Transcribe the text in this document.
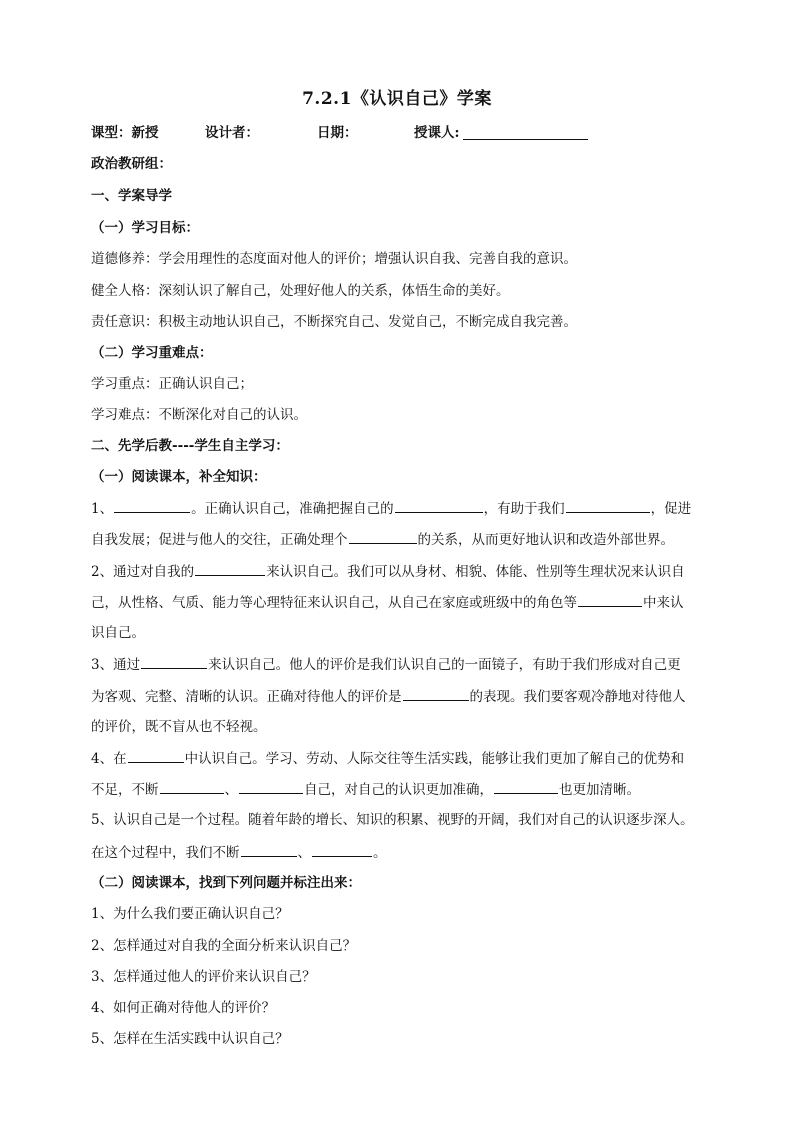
7.2.1《认识自己》学案
课型：新授	设计者：	日期：	授课人:
政治教研组：
一、学案导学
（一）学习目标：
道德修养：学会用理性的态度面对他人的评价；增强认识自我、完善自我的意识。
健全人格：深刻认识了解自己，处理好他人的关系，体悟生命的美好。
责任意识：积极主动地认识自己，不断探究自己、发觉自己，不断完成自我完善。
（二）学习重难点：
学习重点：正确认识自己；
学习难点：不断深化对自己的认识。
二、先学后教----学生自主学习：
（一）阅读课本，补全知识：
1、	。正确认识自己，准确把握自己的	，有助于我们	，促进
自我发展；促进与他人的交往，正确处理个	的关系，从而更好地认识和改造外部世界。
2、通过对自我的	来认识自己。我们可以从身材、相貌、体能、性别等生理状况来认识自
己，从性格、气质、能力等心理特征来认识自己，从自己在家庭或班级中的角色等	中来认
识自己。
3、通过	来认识自己。他人的评价是我们认识自己的一面镜子，有助于我们形成对自己更
为客观、完整、清晰的认识。正确对待他人的评价是	的表现。我们要客观冷静地对待他人
的评价，既不盲从也不轻视。
4、在	中认识自己。学习、劳动、人际交往等生活实践，能够让我们更加了解自己的优势和
不足，不断	、	自己，对自己的认识更加准确，	也更加清晰。
5、认识自己是一个过程。随着年龄的增长、知识的积累、视野的开阔，我们对自己的认识逐步深人。
在这个过程中，我们不断	、	。
（二）阅读课本，找到下列问题并标注出来：
1、为什么我们要正确认识自己？
2、怎样通过对自我的全面分析来认识自己？
3、怎样通过他人的评价来认识自己？
4、如何正确对待他人的评价？
5、怎样在生活实践中认识自己？
